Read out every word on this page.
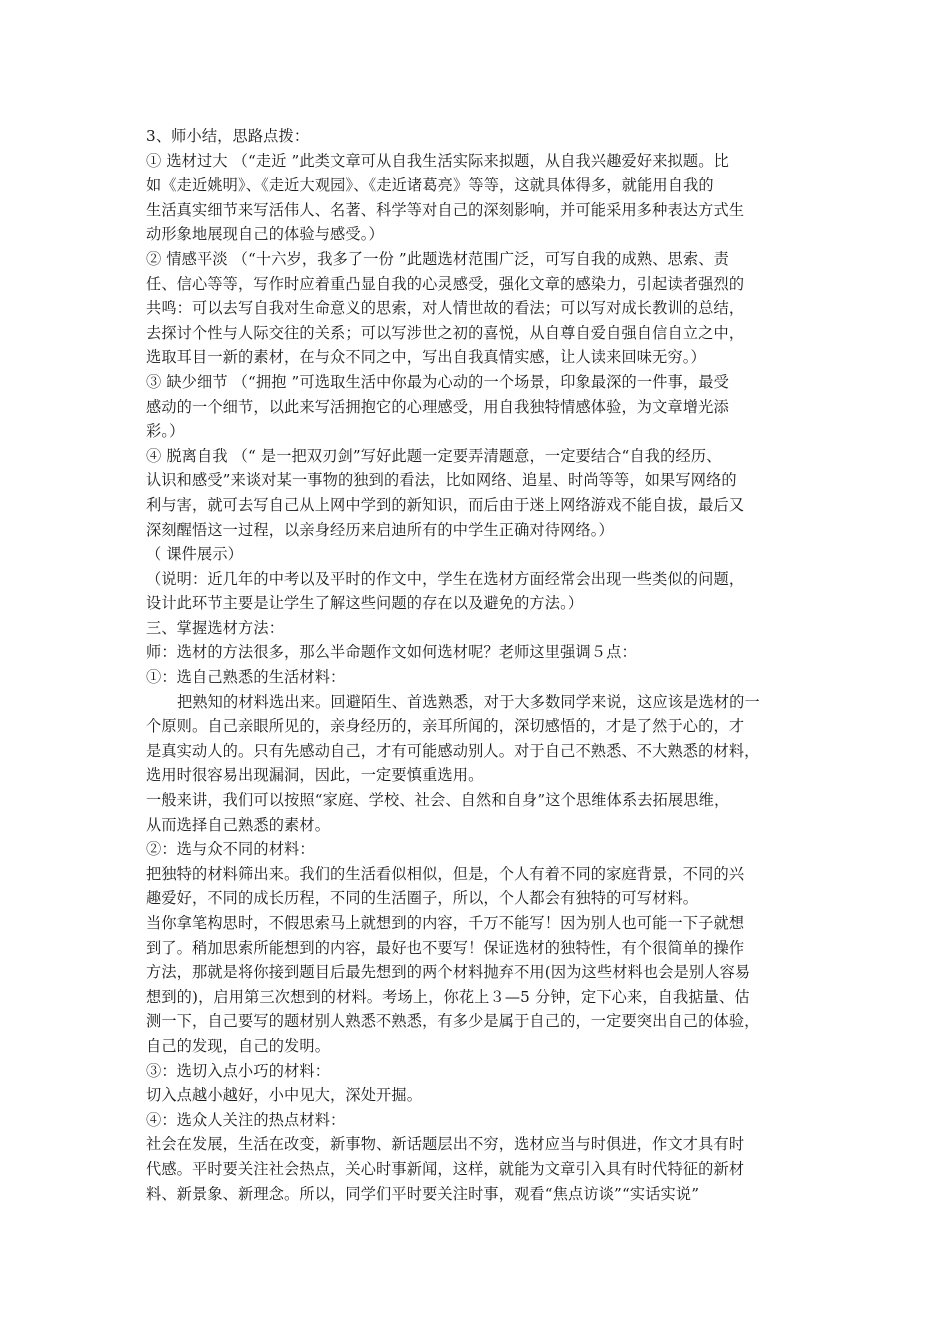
3、师小结，思路点拨：
① 选材过大 （“走近 ”此类文章可从自我生活实际来拟题，从自我兴趣爱好来拟题。比
如《走近姚明》、《走近大观园》、《走近诸葛亮》等等，这就具体得多，就能用自我的
生活真实细节来写活伟人、名著、科学等对自己的深刻影响，并可能采用多种表达方式生
动形象地展现自己的体验与感受。）
② 情感平淡 （“十六岁，我多了一份 ”此题选材范围广泛，可写自我的成熟、思索、责
任、信心等等，写作时应着重凸显自我的心灵感受，强化文章的感染力，引起读者强烈的
共鸣：可以去写自我对生命意义的思索，对人情世故的看法；可以写对成长教训的总结，
去探讨个性与人际交往的关系；可以写涉世之初的喜悦，从自尊自爱自强自信自立之中，
选取耳目一新的素材，在与众不同之中，写出自我真情实感，让人读来回味无穷。）
③ 缺少细节 （“拥抱 ”可选取生活中你最为心动的一个场景，印象最深的一件事，最受
感动的一个细节，以此来写活拥抱它的心理感受，用自我独特情感体验，为文章增光添
彩。）
④ 脱离自我 （“ 是一把双刃剑”写好此题一定要弄清题意，一定要结合“自我的经历、
认识和感受”来谈对某一事物的独到的看法，比如网络、追星、时尚等等，如果写网络的
利与害，就可去写自己从上网中学到的新知识，而后由于迷上网络游戏不能自拔，最后又
深刻醒悟这一过程，以亲身经历来启迪所有的中学生正确对待网络。）
（ 课件展示）
（说明：近几年的中考以及平时的作文中，学生在选材方面经常会出现一些类似的问题，
设计此环节主要是让学生了解这些问题的存在以及避免的方法。）
三、掌握选材方法：
师：选材的方法很多，那么半命题作文如何选材呢？老师这里强调５点：
①：选自己熟悉的生活材料：
把熟知的材料选出来。回避陌生、首选熟悉，对于大多数同学来说，这应该是选材的一
个原则。自己亲眼所见的，亲身经历的，亲耳所闻的，深切感悟的，才是了然于心的，才
是真实动人的。只有先感动自己，才有可能感动别人。对于自己不熟悉、不大熟悉的材料，
选用时很容易出现漏洞，因此，一定要慎重选用。
一般来讲，我们可以按照“家庭、学校、社会、自然和自身”这个思维体系去拓展思维，
从而选择自己熟悉的素材。
②：选与众不同的材料：
把独特的材料筛出来。我们的生活看似相似，但是，个人有着不同的家庭背景，不同的兴
趣爱好，不同的成长历程，不同的生活圈子，所以，个人都会有独特的可写材料。
当你拿笔构思时，不假思索马上就想到的内容，千万不能写！因为别人也可能一下子就想
到了。稍加思索所能想到的内容，最好也不要写！保证选材的独特性，有个很简单的操作
方法，那就是将你接到题目后最先想到的两个材料抛弃不用(因为这些材料也会是别人容易
想到的)，启用第三次想到的材料。考场上，你花上３—5 分钟，定下心来，自我掂量、估
测一下，自己要写的题材别人熟悉不熟悉，有多少是属于自己的，一定要突出自己的体验，
自己的发现，自己的发明。
③：选切入点小巧的材料：
切入点越小越好，小中见大，深处开掘。
④：选众人关注的热点材料：
社会在发展，生活在改变，新事物、新话题层出不穷，选材应当与时俱进，作文才具有时
代感。平时要关注社会热点，关心时事新闻，这样，就能为文章引入具有时代特征的新材
料、新景象、新理念。所以，同学们平时要关注时事，观看“焦点访谈”“实话实说”
